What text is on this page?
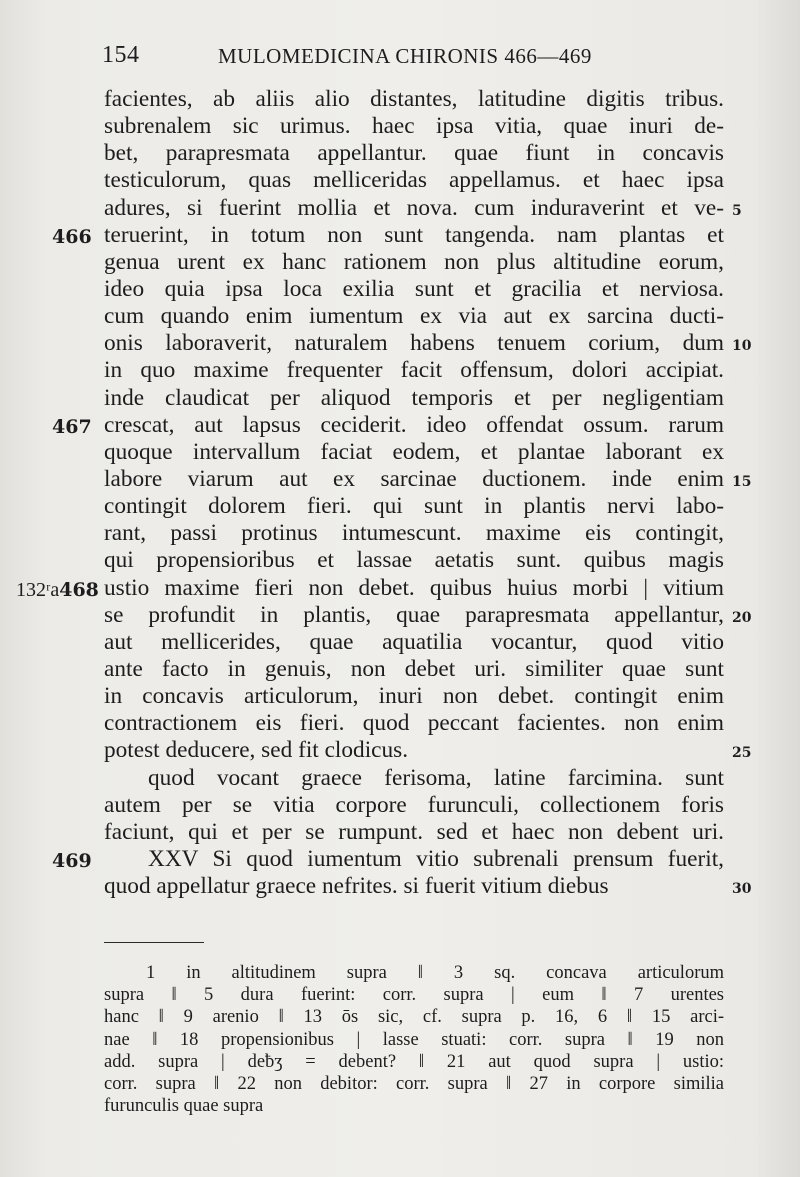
154	MULOMEDICINA CHIRONIS 466—469
facientes, ab aliis alio distantes, latitudine digitis tribus.
subrenalem sic urimus. haec ipsa vitia, quae inuri de-
bet, parapresmata appellantur. quae fiunt in concavis
testiculorum, quas melliceridas appellamus. et haec ipsa
adures, si fuerint mollia et nova. cum induraverint et ve- 5
teruerint, in totum non sunt tangenda. nam plantas et
466
genua urent ex hanc rationem non plus altitudine eorum,
ideo quia ipsa loca exilia sunt et gracilia et nerviosa.
cum quando enim iumentum ex via aut ex sarcina ducti-
onis laboraverit, naturalem habens tenuem corium, dum 10
in quo maxime frequenter facit offensum, dolori accipiat.
inde claudicat per aliquod temporis et per negligentiam
crescat, aut lapsus ceciderit. ideo offendat ossum. rarum
467
quoque intervallum faciat eodem, et plantae laborant ex
labore viarum aut ex sarcinae ductionem. inde enim 15
contingit dolorem fieri. qui sunt in plantis nervi labo-
rant, passi protinus intumescunt. maxime eis contingit,
qui propensioribus et lassae aetatis sunt. quibus magis
ustio maxime fieri non debet. quibus huius morbi | vitium
132ʳa468
se profundit in plantis, quae parapresmata appellantur, 20
aut mellicerides, quae aquatilia vocantur, quod vitio
ante facto in genuis, non debet uri. similiter quae sunt
in concavis articulorum, inuri non debet. contingit enim
contractionem eis fieri. quod peccant facientes. non enim
potest deducere, sed fit clodicus.	25
quod vocant graece ferisoma, latine farcimina. sunt
autem per se vitia corpore furunculi, collectionem foris
faciunt, qui et per se rumpunt. sed et haec non debent uri.
XXV Si quod iumentum vitio subrenali prensum fuerit,
469
quod appellatur graece nefrites. si fuerit vitium diebus	30
1 in altitudinem supra ‖ 3 sq. concava articulorum
supra ‖ 5 dura fuerint: corr. supra | eum ‖ 7 urentes
hanc ‖ 9 arenio ‖ 13 ōs sic, cf. supra p. 16, 6 ‖ 15 arci-
nae ‖ 18 propensionibus | lasse stuati: corr. supra ‖ 19 non
add. supra | deƀʒ = debent? ‖ 21 aut quod supra | ustio:
corr. supra ‖ 22 non debitor: corr. supra ‖ 27 in corpore similia
furunculis quae supra
